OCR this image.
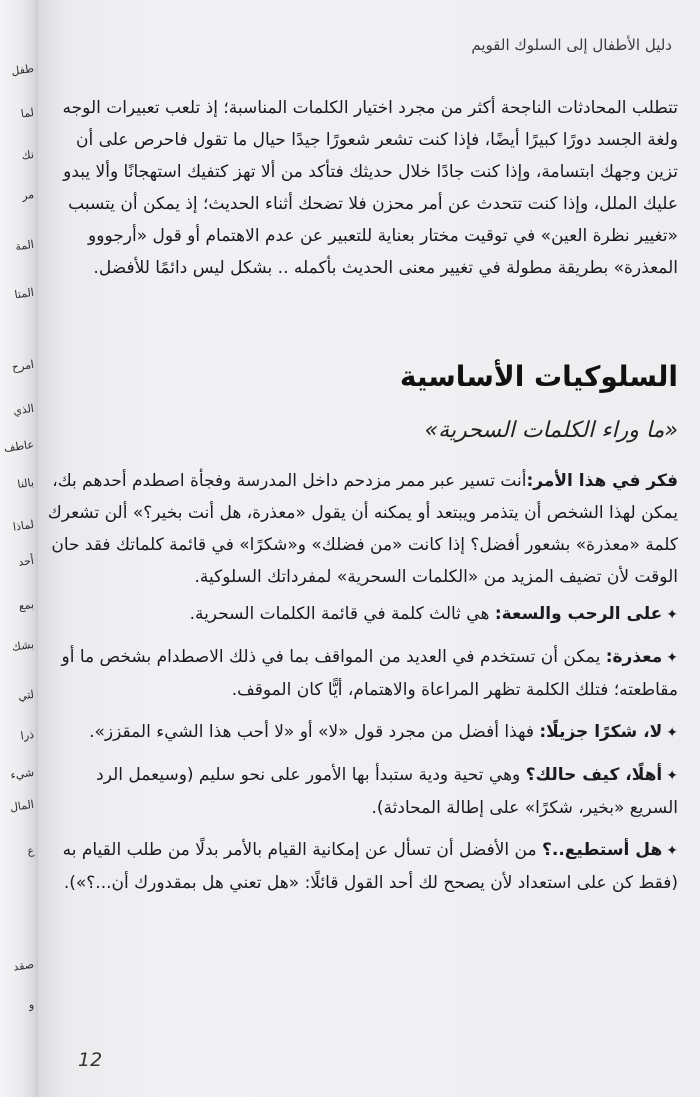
طفل
لما
نك
مر
المة
المتا
امرح
الذي
عاطف
بالنا
لماذا
أحد
بمع
بشك
لتي
ذرا
شيء
المال
ع
صقد
و
دليل الأطفال إلى السلوك القويم

تتطلب المحادثات الناجحة أكثر من مجرد اختيار الكلمات المناسبة؛ إذ تلعب تعبيرات الوجه ولغة الجسد دورًا كبيرًا أيضًا، فإذا كنت تشعر شعورًا جيدًا حيال ما تقول فاحرص على أن تزين وجهك ابتسامة، وإذا كنت جادًا خلال حديثك فتأكد من ألا تهز كتفيك استهجانًا وألا يبدو عليك الملل، وإذا كنت تتحدث عن أمر محزن فلا تضحك أثناء الحديث؛ إذ يمكن أن يتسبب «تغيير نظرة العين» في توقيت مختار بعناية للتعبير عن عدم الاهتمام أو قول «أرجووو المعذرة» بطريقة مطولة في تغيير معنى الحديث بأكمله .. بشكل ليس دائمًا للأفضل.

السلوكيات الأساسية
«ما وراء الكلمات السحرية»

فكر في هذا الأمر:أنت تسير عبر ممر مزدحم داخل المدرسة وفجأة اصطدم أحدهم بك، يمكن لهذا الشخص أن يتذمر ويبتعد أو يمكنه أن يقول «معذرة، هل أنت بخير؟» ألن تشعرك كلمة «معذرة» بشعور أفضل؟ إذا كانت «من فضلك» و«شكرًا» في قائمة كلماتك فقد حان الوقت لأن تضيف المزيد من «الكلمات السحرية» لمفرداتك السلوكية.

✦على الرحب والسعة: هي ثالث كلمة في قائمة الكلمات السحرية.

✦معذرة: يمكن أن تستخدم في العديد من المواقف بما في ذلك الاصطدام بشخص ما أو مقاطعته؛ فتلك الكلمة تظهر المراعاة والاهتمام، أيًّا كان الموقف.

✦لا، شكرًا جزيلًا: فهذا أفضل من مجرد قول «لا» أو «لا أحب هذا الشيء المقزز».

✦أهلًا، كيف حالك؟ وهي تحية ودية ستبدأ بها الأمور على نحو سليم (وسيعمل الرد السريع «بخير، شكرًا» على إطالة المحادثة).

✦هل أستطيع..؟ من الأفضل أن تسأل عن إمكانية القيام بالأمر بدلًا من طلب القيام به (فقط كن على استعداد لأن يصحح لك أحد القول قائلًا: «هل تعني هل بمقدورك أن...؟»).

12
